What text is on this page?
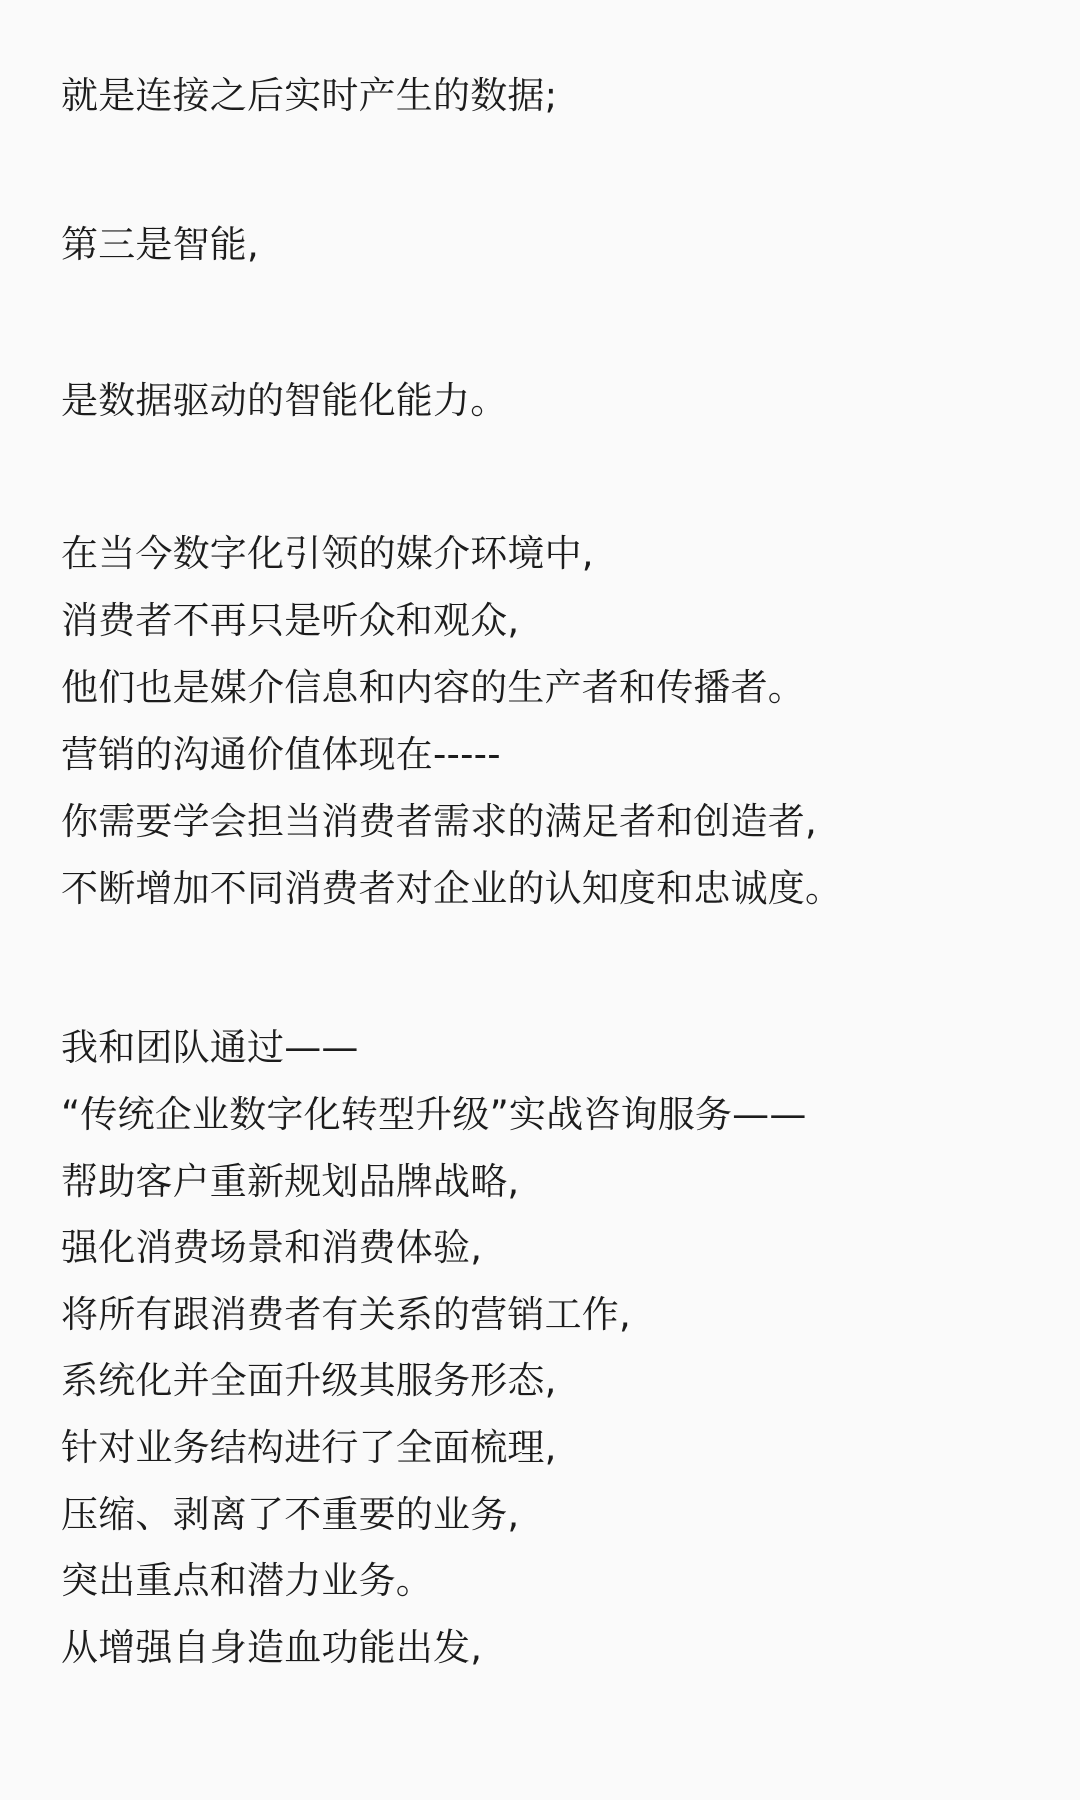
就是连接之后实时产生的数据;
第三是智能,
是数据驱动的智能化能力。
在当今数字化引领的媒介环境中,
消费者不再只是听众和观众,
他们也是媒介信息和内容的生产者和传播者。
营销的沟通价值体现在-----
你需要学会担当消费者需求的满足者和创造者,
不断增加不同消费者对企业的认知度和忠诚度。
我和团队通过——
“传统企业数字化转型升级”实战咨询服务——
帮助客户重新规划品牌战略,
强化消费场景和消费体验,
将所有跟消费者有关系的营销工作,
系统化并全面升级其服务形态,
针对业务结构进行了全面梳理,
压缩、剥离了不重要的业务,
突出重点和潜力业务。
从增强自身造血功能出发,
